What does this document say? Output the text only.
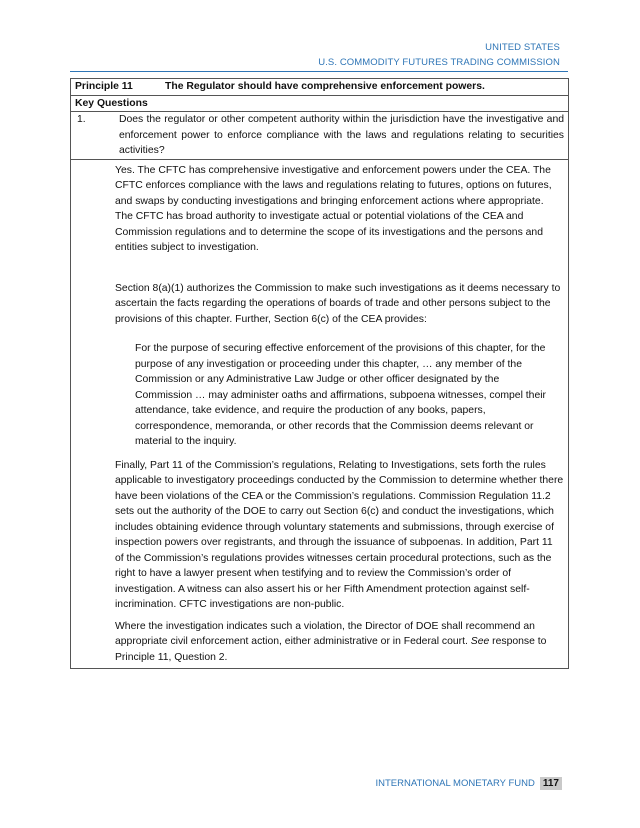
UNITED STATES
U.S. COMMODITY FUTURES TRADING COMMISSION
Principle 11 The Regulator should have comprehensive enforcement powers.	
Key Questions	
1.	Does the regulator or other competent authority within the jurisdiction have the investigative and enforcement power to enforce compliance with the laws and regulations relating to securities activities?

	Yes. The CFTC has comprehensive investigative and enforcement powers under the CEA. The CFTC enforces compliance with the laws and regulations relating to futures, options on futures, and swaps by conducting investigations and bringing enforcement actions where appropriate. The CFTC has broad authority to investigate actual or potential violations of the CEA and Commission regulations and to determine the scope of its investigations and the persons and entities subject to investigation.

Section 8(a)(1) authorizes the Commission to make such investigations as it deems necessary to ascertain the facts regarding the operations of boards of trade and other persons subject to the provisions of this chapter. Further, Section 6(c) of the CEA provides:

For the purpose of securing effective enforcement of the provisions of this chapter, for the purpose of any investigation or proceeding under this chapter, … any member of the Commission or any Administrative Law Judge or other officer designated by the Commission … may administer oaths and affirmations, subpoena witnesses, compel their attendance, take evidence, and require the production of any books, papers, correspondence, memoranda, or other records that the Commission deems relevant or material to the inquiry.

Finally, Part 11 of the Commission’s regulations, Relating to Investigations, sets forth the rules applicable to investigatory proceedings conducted by the Commission to determine whether there have been violations of the CEA or the Commission’s regulations. Commission Regulation 11.2 sets out the authority of the DOE to carry out Section 6(c) and conduct the investigations, which includes obtaining evidence through voluntary statements and submissions, through exercise of inspection powers over registrants, and through the issuance of subpoenas. In addition, Part 11 of the Commission’s regulations provides witnesses certain procedural protections, such as the right to have a lawyer present when testifying and to review the Commission’s order of investigation. A witness can also assert his or her Fifth Amendment protection against self-incrimination. CFTC investigations are non-public.

Where the investigation indicates such a violation, the Director of DOE shall recommend an appropriate civil enforcement action, either administrative or in Federal court. See response to Principle 11, Question 2.

INTERNATIONAL MONETARY FUND 117
